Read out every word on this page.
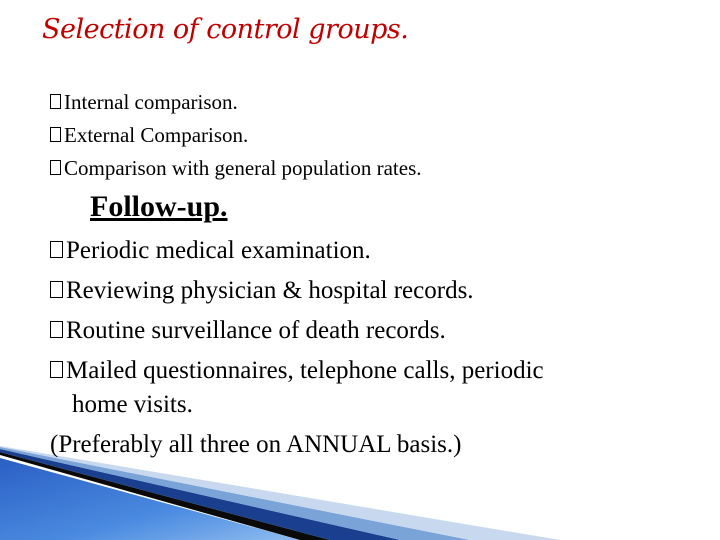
Selection of control groups.
Internal comparison.
External Comparison.
Comparison with general population rates.
Follow-up.
Periodic medical examination.
Reviewing physician & hospital records.
Routine surveillance of death records.
Mailed questionnaires, telephone calls, periodic
home visits.
(Preferably all three on ANNUAL basis.)
